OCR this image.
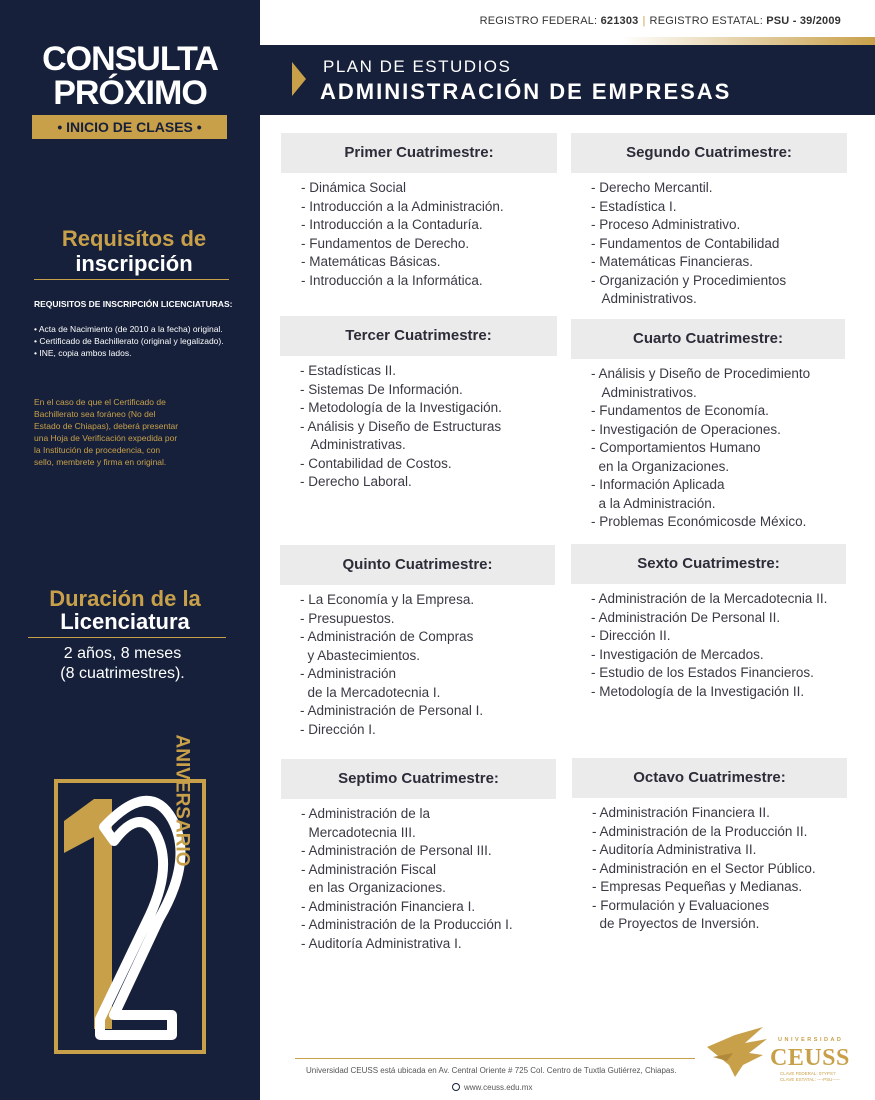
CONSULTA
PRÓXIMO
• INICIO DE CLASES •
Requisítos de
inscripción
REQUISITOS DE INSCRIPCIÓN LICENCIATURAS:
• Acta de Nacimiento (de 2010 a la fecha) original.
• Certificado de Bachillerato (original y legalizado).
• INE, copia ambos lados.
En el caso de que el Certificado de Bachillerato sea foráneo (No del Estado de Chiapas), deberá presentar una Hoja de Verificación expedida por la Institución de procedencia, con sello, membrete y firma en original.
Duración de la
Licenciatura
2 años, 8 meses
(8 cuatrimestres).
ANIVERSARIO
REGISTRO FEDERAL: 621303 | REGISTRO ESTATAL: PSU - 39/2009
PLAN DE ESTUDIOS
ADMINISTRACIÓN DE EMPRESAS
Primer Cuatrimestre:
- Dinámica Social
- Introducción a la Administración.
- Introducción a la Contaduría.
- Fundamentos de Derecho.
- Matemáticas Básicas.
- Introducción a la Informática.
Segundo Cuatrimestre:
- Derecho Mercantil.
- Estadística I.
- Proceso Administrativo.
- Fundamentos de Contabilidad
- Matemáticas Financieras.
- Organización y Procedimientos
Administrativos.
Tercer Cuatrimestre:
- Estadísticas II.
- Sistemas De Información.
- Metodología de la Investigación.
- Análisis y Diseño de Estructuras
Administrativas.
- Contabilidad de Costos.
- Derecho Laboral.
Cuarto Cuatrimestre:
- Análisis y Diseño de Procedimiento
Administrativos.
- Fundamentos de Economía.
- Investigación de Operaciones.
- Comportamientos Humano
en la Organizaciones.
- Información Aplicada
a la Administración.
- Problemas Económicosde México.
Quinto Cuatrimestre:
- La Economía y la Empresa.
- Presupuestos.
- Administración de Compras
y Abastecimientos.
- Administración
de la Mercadotecnia I.
- Administración de Personal I.
- Dirección I.
Sexto Cuatrimestre:
- Administración de la Mercadotecnia II.
- Administración De Personal II.
- Dirección II.
- Investigación de Mercados.
- Estudio de los Estados Financieros.
- Metodología de la Investigación II.
Septimo Cuatrimestre:
- Administración de la
Mercadotecnia III.
- Administración de Personal III.
- Administración Fiscal
en las Organizaciones.
- Administración Financiera I.
- Administración de la Producción I.
- Auditoría Administrativa I.
Octavo Cuatrimestre:
- Administración Financiera II.
- Administración de la Producción II.
- Auditoría Administrativa II.
- Administración en el Sector Público.
- Empresas Pequeñas y Medianas.
- Formulación y Evaluaciones
de Proyectos de Inversión.
Universidad CEUSS está ubicada en Av. Central Oriente # 725 Col. Centro de Tuxtla Gutiérrez, Chiapas.
www.ceuss.edu.mx
UNIVERSIDAD
CEUSS
CLAVE FEDERAL: 07YPS?
CLAVE ESTATAL: ----PSU-----
